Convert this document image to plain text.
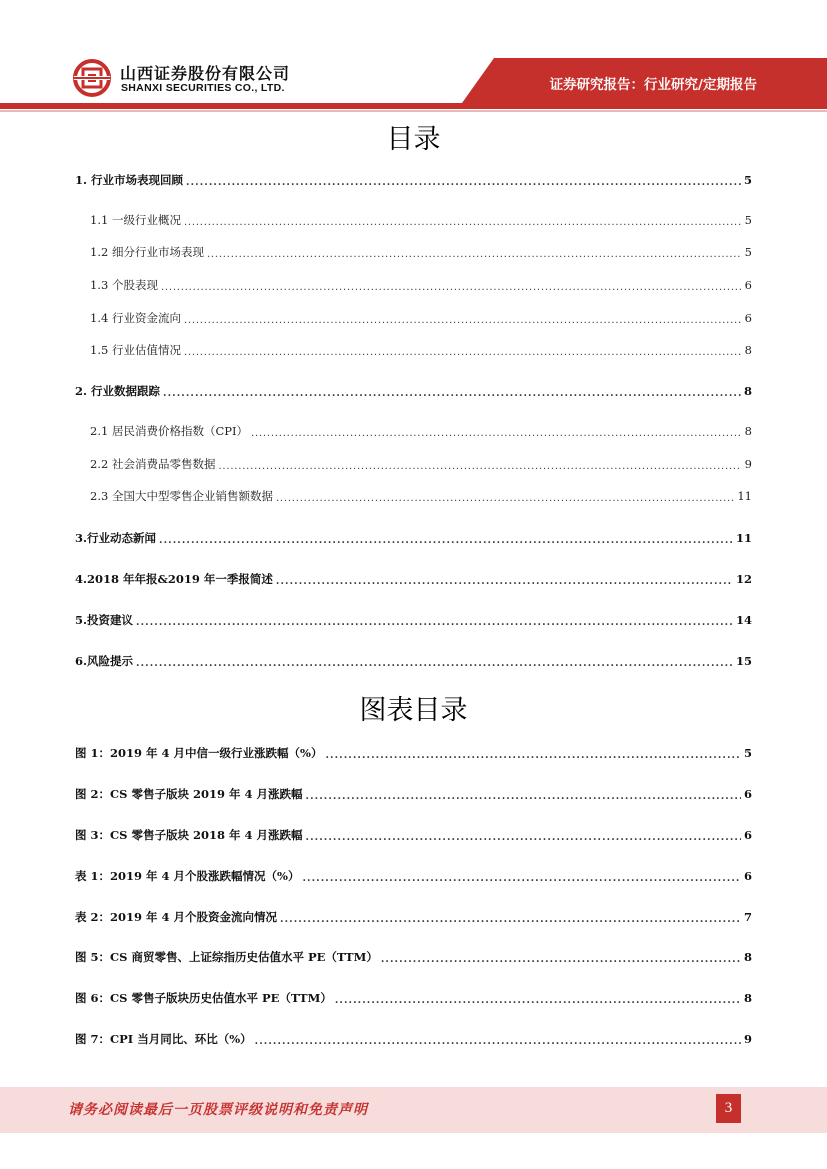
山西证券股份有限公司
SHANXI SECURITIES CO., LTD.	证券研究报告：行业研究/定期报告
目录
1. 行业市场表现回顾 . . .	5
1.1 一级行业概况 . . .	5
1.2 细分行业市场表现 . . .	5
1.3 个股表现 . . .	6
1.4 行业资金流向 . . .	6
1.5 行业估值情况 . . .	8
2. 行业数据跟踪 . . .	8
2.1 居民消费价格指数（CPI） . . .	8
2.2 社会消费品零售数据 . . .	9
2.3 全国大中型零售企业销售额数据 . . .	11
3.行业动态新闻 . . .	11
4.2018 年年报&2019 年一季报简述 . . .	12
5.投资建议 . . .	14
6.风险提示 . . .	15
图表目录
图 1：2019 年 4 月中信一级行业涨跌幅（%） . . .	5
图 2：CS 零售子版块 2019 年 4 月涨跌幅 . . .	6
图 3：CS 零售子版块 2018 年 4 月涨跌幅 . . .	6
表 1：2019 年 4 月个股涨跌幅情况（%） . . .	6
表 2：2019 年 4 月个股资金流向情况 . . .	7
图 5：CS 商贸零售、上证综指历史估值水平 PE（TTM） . . .	8
图 6：CS 零售子版块历史估值水平 PE（TTM） . . .	8
图 7：CPI 当月同比、环比（%） . . .	9
请务必阅读最后一页股票评级说明和免责声明	3
